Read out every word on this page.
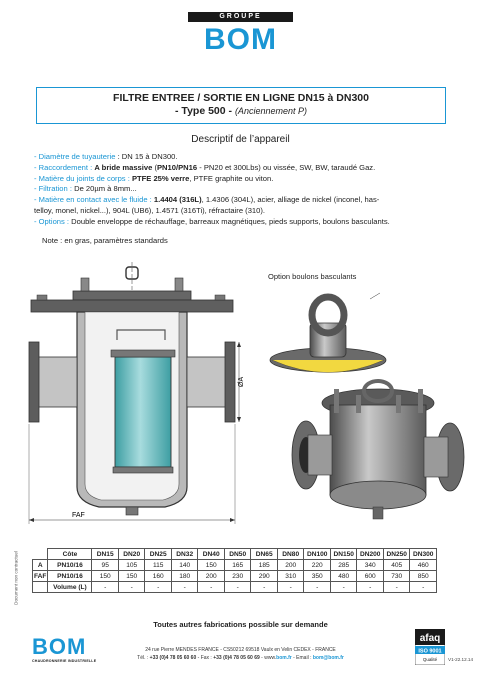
GROUPE
BOM
FILTRE ENTREE / SORTIE EN LIGNE DN15 à DN300
- Type 500 - (Anciennement P)
Descriptif de l’appareil
- Diamètre de tuyauterie : DN 15 à DN300.
- Raccordement : A bride massive (PN10/PN16 - PN20 et 300Lbs) ou vissée, SW, BW, taraudé Gaz.
- Matière du joints de corps : PTFE 25% verre, PTFE graphite ou viton.
- Filtration : De 20µm à 8mm...
- Matière en contact avec le fluide : 1.4404 (316L), 1.4306 (304L), acier, alliage de nickel (inconel, has-
telloy, monel, nickel...), 904L (UB6), 1.4571 (316Ti), réfractaire (310).
- Options : Double enveloppe de réchauffage, barreaux magnétiques, pieds supports, boulons basculants.
Note : en gras, paramètres standards
ØA
FAF
Option boulons basculants
Document non contractuel
		Côte	DN15	DN20	DN25	DN32	DN40	DN50	DN65	DN80	DN100	DN150	DN200	DN250	DN300
A	PN10/16	95	105	115	140	150	165	185	200	220	285	340	405	460
FAF	PN10/16	150	150	160	180	200	230	290	310	350	480	600	730	850
	Volume (L)	-	-	-	-	-	-	-	-	-	-	-	-	-
Toutes autres fabrications possible sur demande
BOM
CHAUDRONNERIE INDUSTRIELLE
24 rue Pierre MENDES FRANCE - CS50212 69518 Vaulx en Velin CEDEX - FRANCE
Tél. : +33 (0)4 78 05 60 60 - Fax : +33 (0)4 78 05 60 69 - www.bom.fr - Email : bom@bom.fr
afaq
ISO 9001
Qualité V1-22.12.14
